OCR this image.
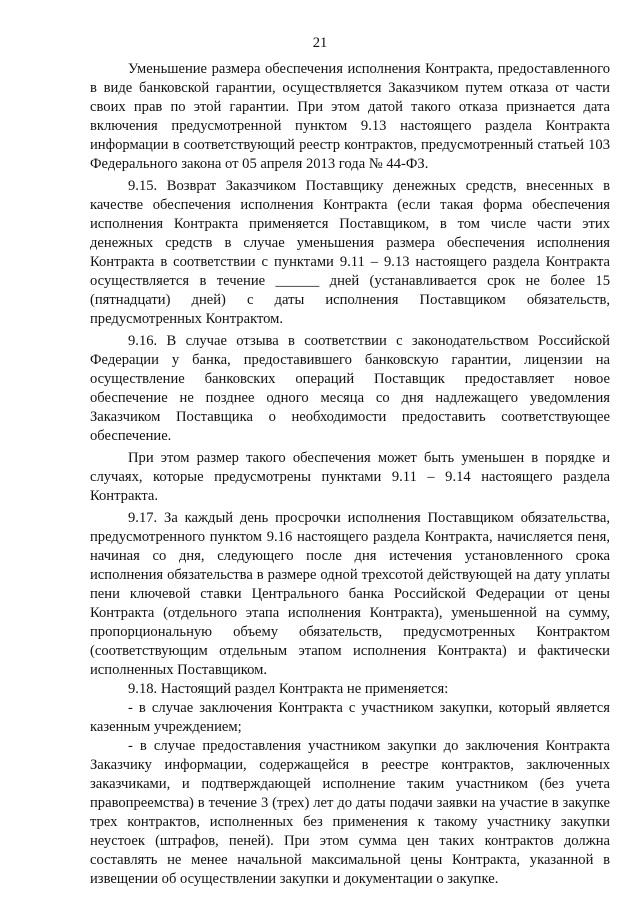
21

Уменьшение размера обеспечения исполнения Контракта, предоставленного в виде банковской гарантии, осуществляется Заказчиком путем отказа от части своих прав по этой гарантии. При этом датой такого отказа признается дата включения предусмотренной пунктом 9.13 настоящего раздела Контракта информации в соответствующий реестр контрактов, предусмотренный статьей 103 Федерального закона от 05 апреля 2013 года № 44-ФЗ.

9.15. Возврат Заказчиком Поставщику денежных средств, внесенных в качестве обеспечения исполнения Контракта (если такая форма обеспечения исполнения Контракта применяется Поставщиком, в том числе части этих денежных средств в случае уменьшения размера обеспечения исполнения Контракта в соответствии с пунктами 9.11 – 9.13 настоящего раздела Контракта осуществляется в течение ______ дней (устанавливается срок не более 15 (пятнадцати) дней) с даты исполнения Поставщиком обязательств, предусмотренных Контрактом.

9.16. В случае отзыва в соответствии с законодательством Российской Федерации у банка, предоставившего банковскую гарантии, лицензии на осуществление банковских операций Поставщик предоставляет новое обеспечение не позднее одного месяца со дня надлежащего уведомления Заказчиком Поставщика о необходимости предоставить соответствующее обеспечение.

При этом размер такого обеспечения может быть уменьшен в порядке и случаях, которые предусмотрены пунктами 9.11 – 9.14 настоящего раздела Контракта.

9.17. За каждый день просрочки исполнения Поставщиком обязательства, предусмотренного пунктом 9.16 настоящего раздела Контракта, начисляется пеня, начиная со дня, следующего после дня истечения установленного срока исполнения обязательства в размере одной трехсотой действующей на дату уплаты пени ключевой ставки Центрального банка Российской Федерации от цены Контракта (отдельного этапа исполнения Контракта), уменьшенной на сумму, пропорциональную объему обязательств, предусмотренных Контрактом (соответствующим отдельным этапом исполнения Контракта) и фактически исполненных Поставщиком.

9.18. Настоящий раздел Контракта не применяется:

- в случае заключения Контракта с участником закупки, который является казенным учреждением;

- в случае предоставления участником закупки до заключения Контракта Заказчику информации, содержащейся в реестре контрактов, заключенных заказчиками, и подтверждающей исполнение таким участником (без учета правопреемства) в течение 3 (трех) лет до даты подачи заявки на участие в закупке трех контрактов, исполненных без применения к такому участнику закупки неустоек (штрафов, пеней). При этом сумма цен таких контрактов должна составлять не менее начальной максимальной цены Контракта, указанной в извещении об осуществлении закупки и документации о закупке.
